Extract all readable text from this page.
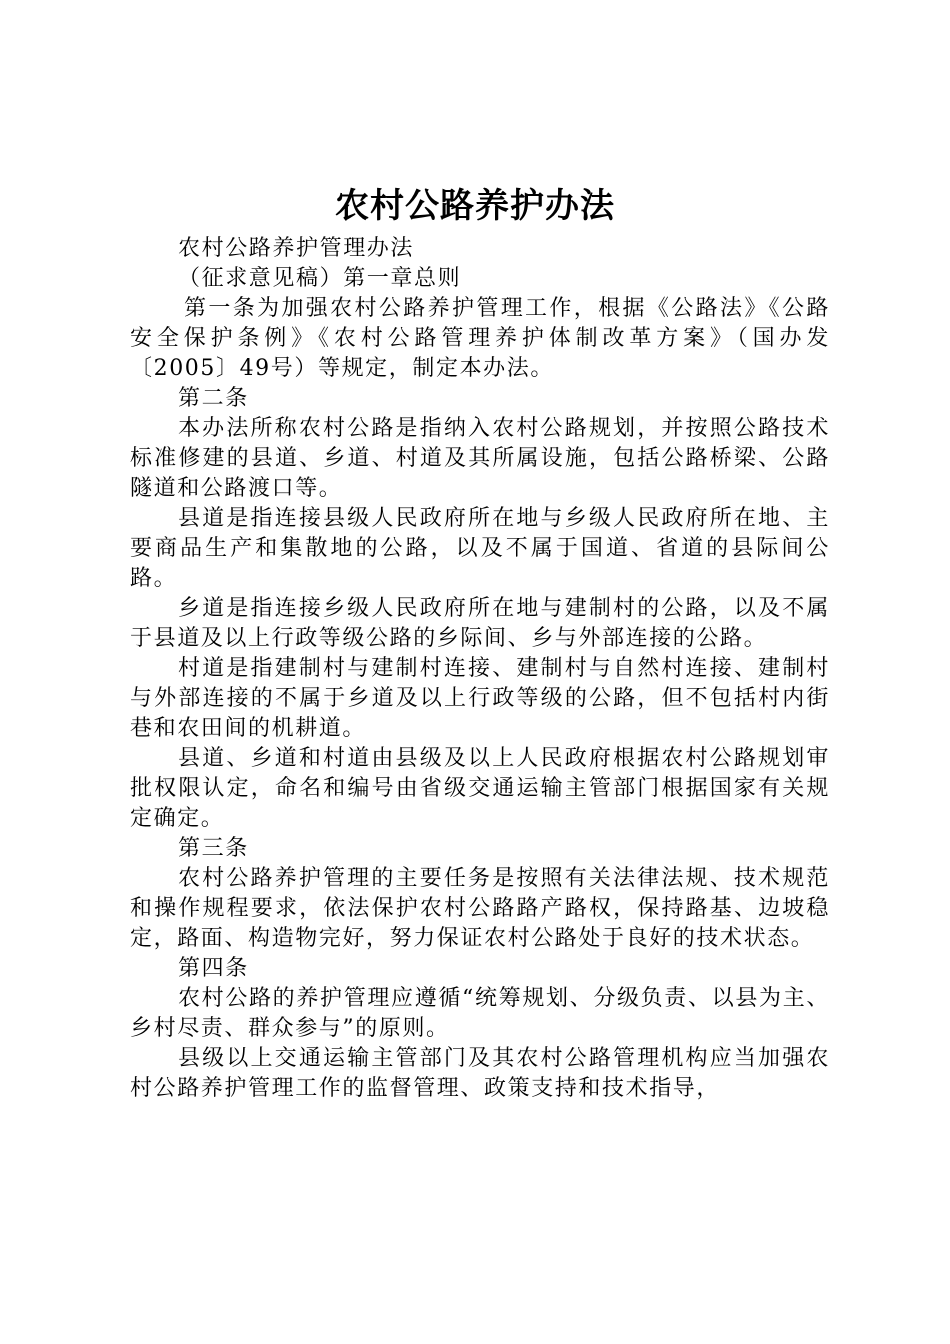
农村公路养护办法

农村公路养护管理办法

（征求意见稿）第一章总则

第一条为加强农村公路养护管理工作，根据《公路法》《公路安全保护条例》《农村公路管理养护体制改革方案》（国办发〔2005〕49号）等规定，制定本办法。

第二条

本办法所称农村公路是指纳入农村公路规划，并按照公路技术标准修建的县道、乡道、村道及其所属设施，包括公路桥梁、公路隧道和公路渡口等。

县道是指连接县级人民政府所在地与乡级人民政府所在地、主要商品生产和集散地的公路，以及不属于国道、省道的县际间公路。

乡道是指连接乡级人民政府所在地与建制村的公路，以及不属于县道及以上行政等级公路的乡际间、乡与外部连接的公路。

村道是指建制村与建制村连接、建制村与自然村连接、建制村与外部连接的不属于乡道及以上行政等级的公路，但不包括村内街巷和农田间的机耕道。

县道、乡道和村道由县级及以上人民政府根据农村公路规划审批权限认定，命名和编号由省级交通运输主管部门根据国家有关规定确定。

第三条

农村公路养护管理的主要任务是按照有关法律法规、技术规范和操作规程要求，依法保护农村公路路产路权，保持路基、边坡稳定，路面、构造物完好，努力保证农村公路处于良好的技术状态。

第四条

农村公路的养护管理应遵循“统筹规划、分级负责、以县为主、乡村尽责、群众参与”的原则。

县级以上交通运输主管部门及其农村公路管理机构应当加强农村公路养护管理工作的监督管理、政策支持和技术指导，
